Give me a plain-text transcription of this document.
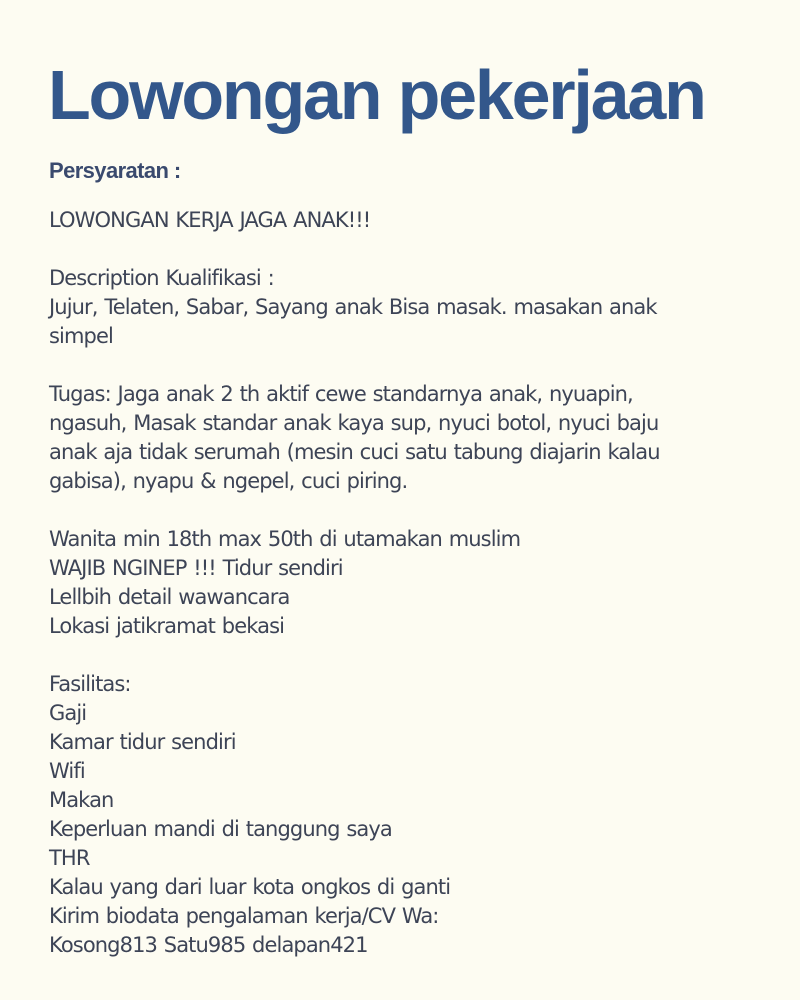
Lowongan pekerjaan
Persyaratan :

LOWONGAN KERJA JAGA ANAK!!!

Description Kualifikasi :
Jujur, Telaten, Sabar, Sayang anak Bisa masak. masakan anak
simpel

Tugas: Jaga anak 2 th aktif cewe standarnya anak, nyuapin,
ngasuh, Masak standar anak kaya sup, nyuci botol, nyuci baju
anak aja tidak serumah (mesin cuci satu tabung diajarin kalau
gabisa), nyapu & ngepel, cuci piring.

Wanita min 18th max 50th di utamakan muslim
WAJIB NGINEP !!! Tidur sendiri
Lellbih detail wawancara
Lokasi jatikramat bekasi

Fasilitas:
Gaji
Kamar tidur sendiri
Wifi
Makan
Keperluan mandi di tanggung saya
THR
Kalau yang dari luar kota ongkos di ganti
Kirim biodata pengalaman kerja/CV Wa:
Kosong813 Satu985 delapan421
